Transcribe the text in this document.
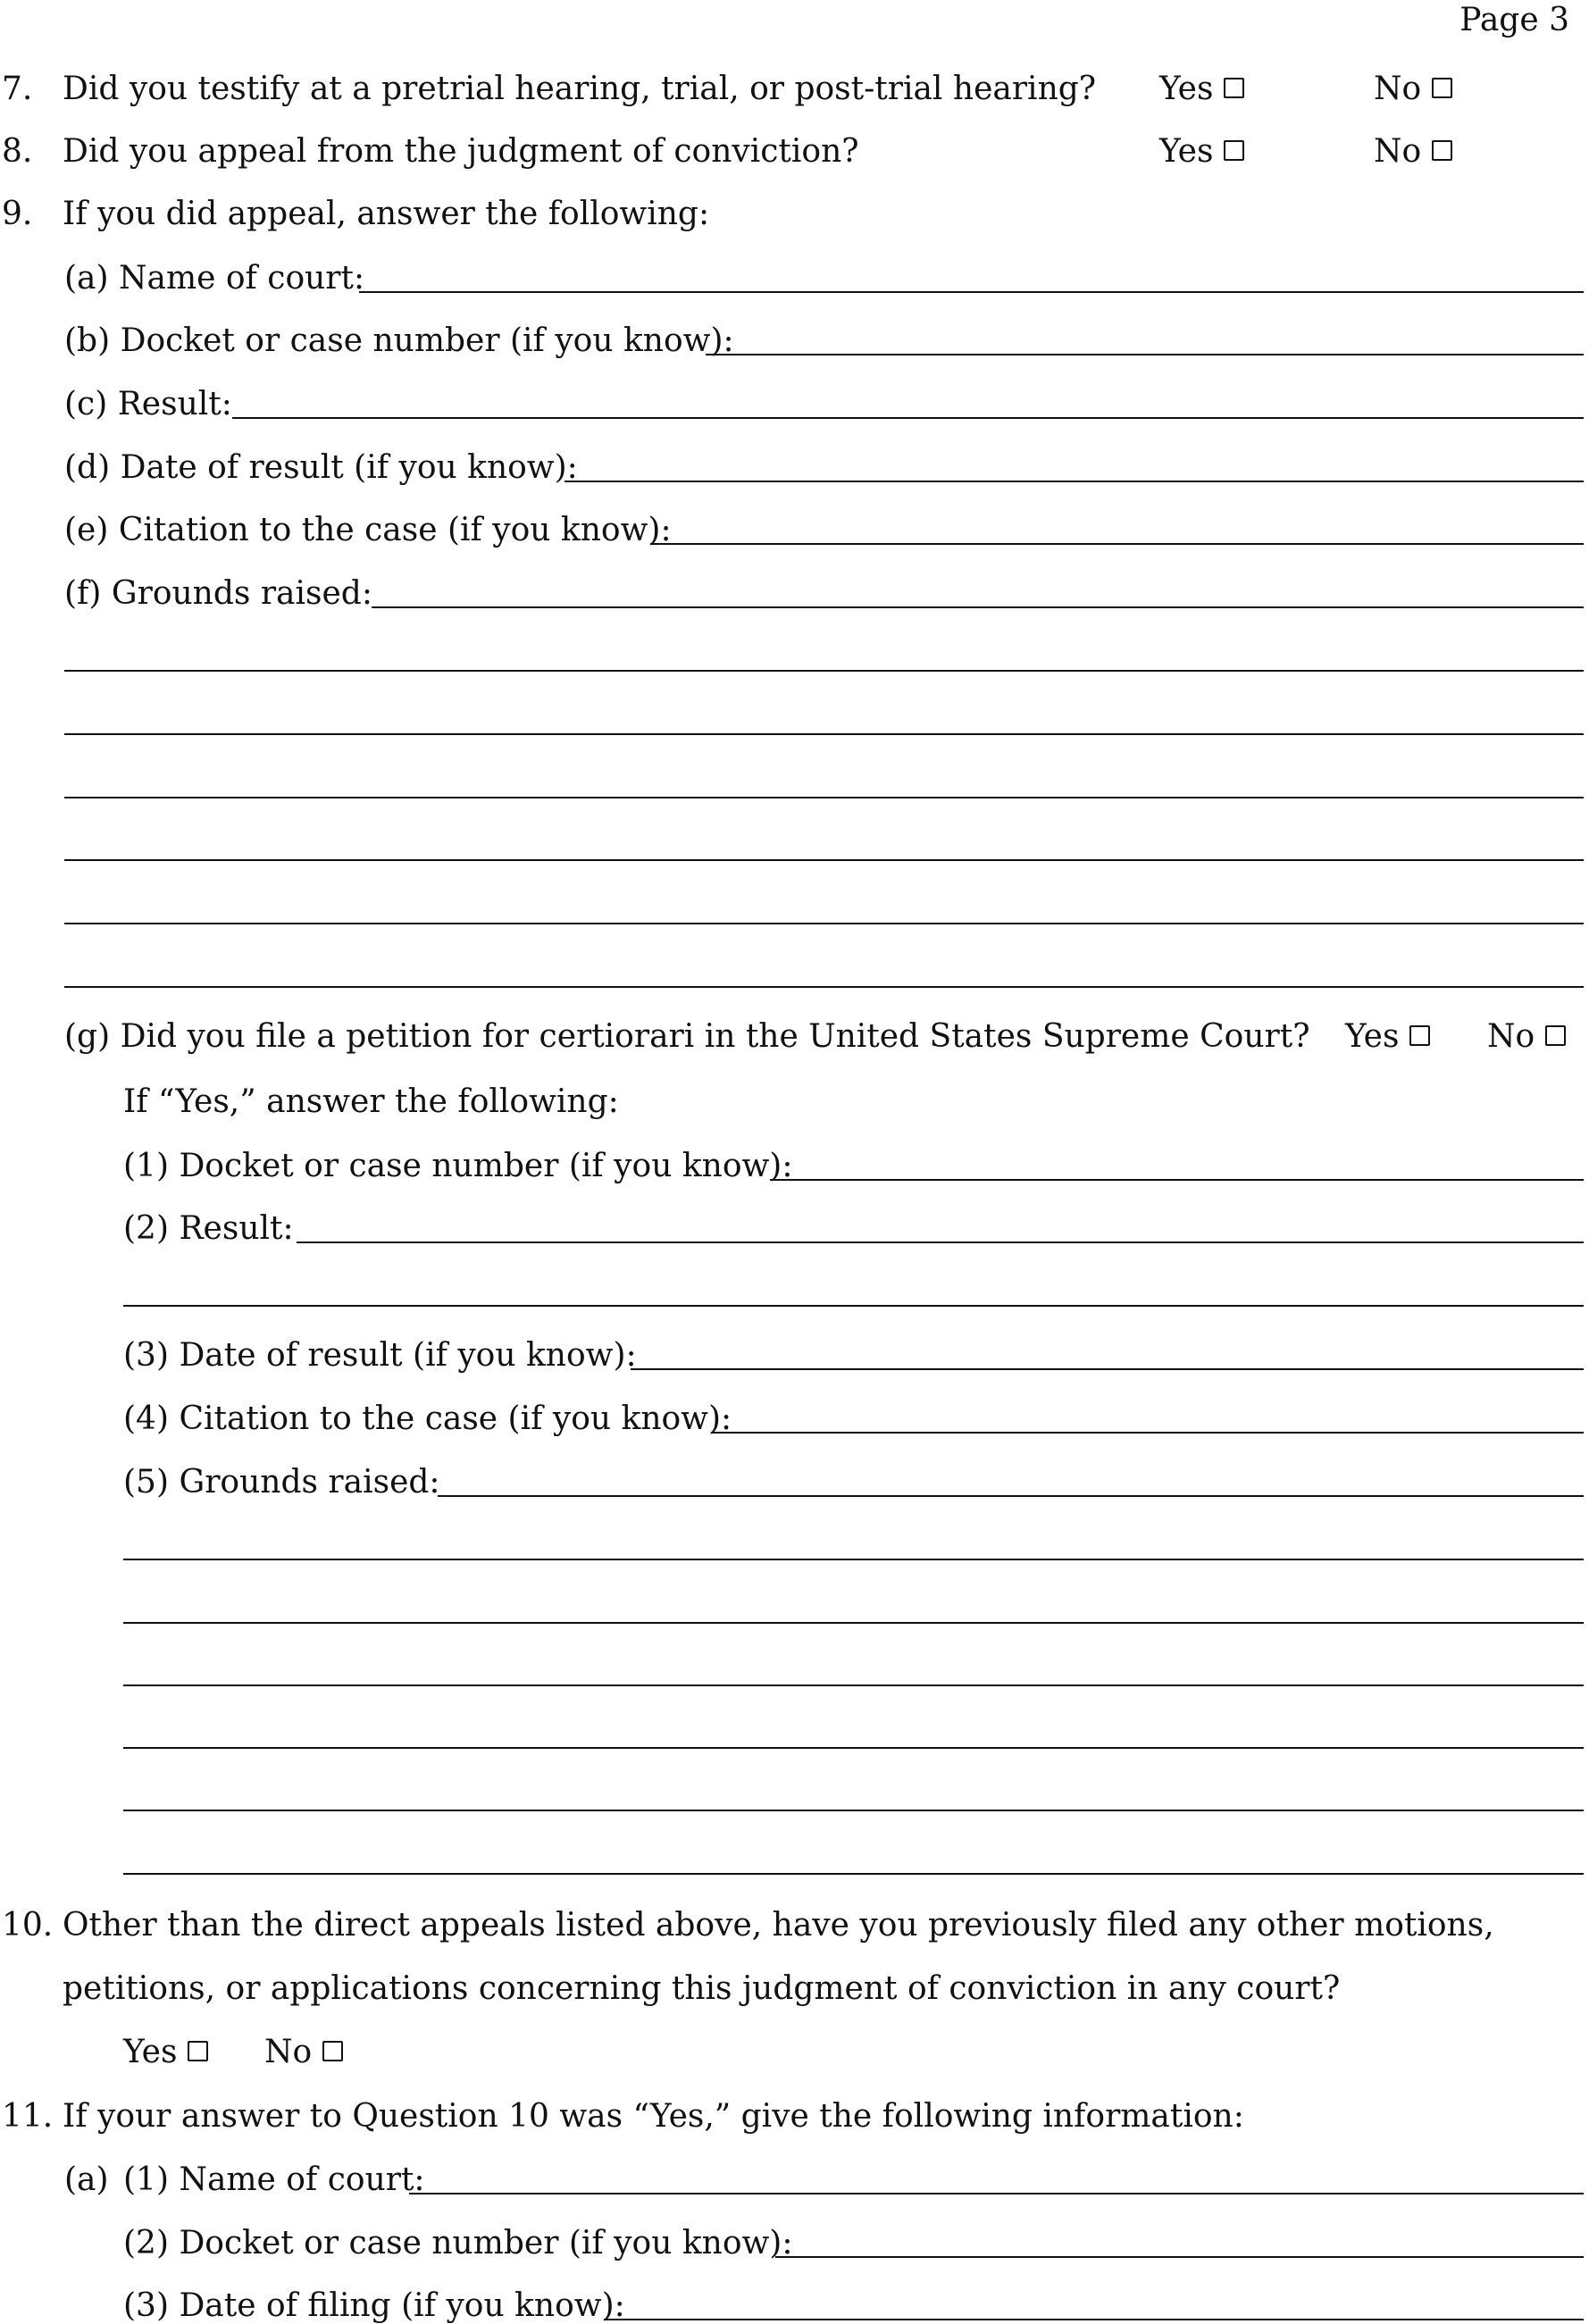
Page 3
7. Did you testify at a pretrial hearing, trial, or post-trial hearing? Yes	No
8. Did you appeal from the judgment of conviction?	Yes	No
9. If you did appeal, answer the following:
(a) Name of court:
(b) Docket or case number (if you know):
(c) Result:
(d) Date of result (if you know):
(e) Citation to the case (if you know):
(f) Grounds raised:
(g) Did you file a petition for certiorari in the United States Supreme Court? Yes	No
If “Yes,” answer the following:
(1) Docket or case number (if you know):
(2) Result:
(3) Date of result (if you know):
(4) Citation to the case (if you know):
(5) Grounds raised:
10. Other than the direct appeals listed above, have you previously filed any other motions,
petitions, or applications concerning this judgment of conviction in any court?
Yes	No
11. If your answer to Question 10 was “Yes,” give the following information:
(a) (1) Name of court:
(2) Docket or case number (if you know):
(3) Date of filing (if you know):
